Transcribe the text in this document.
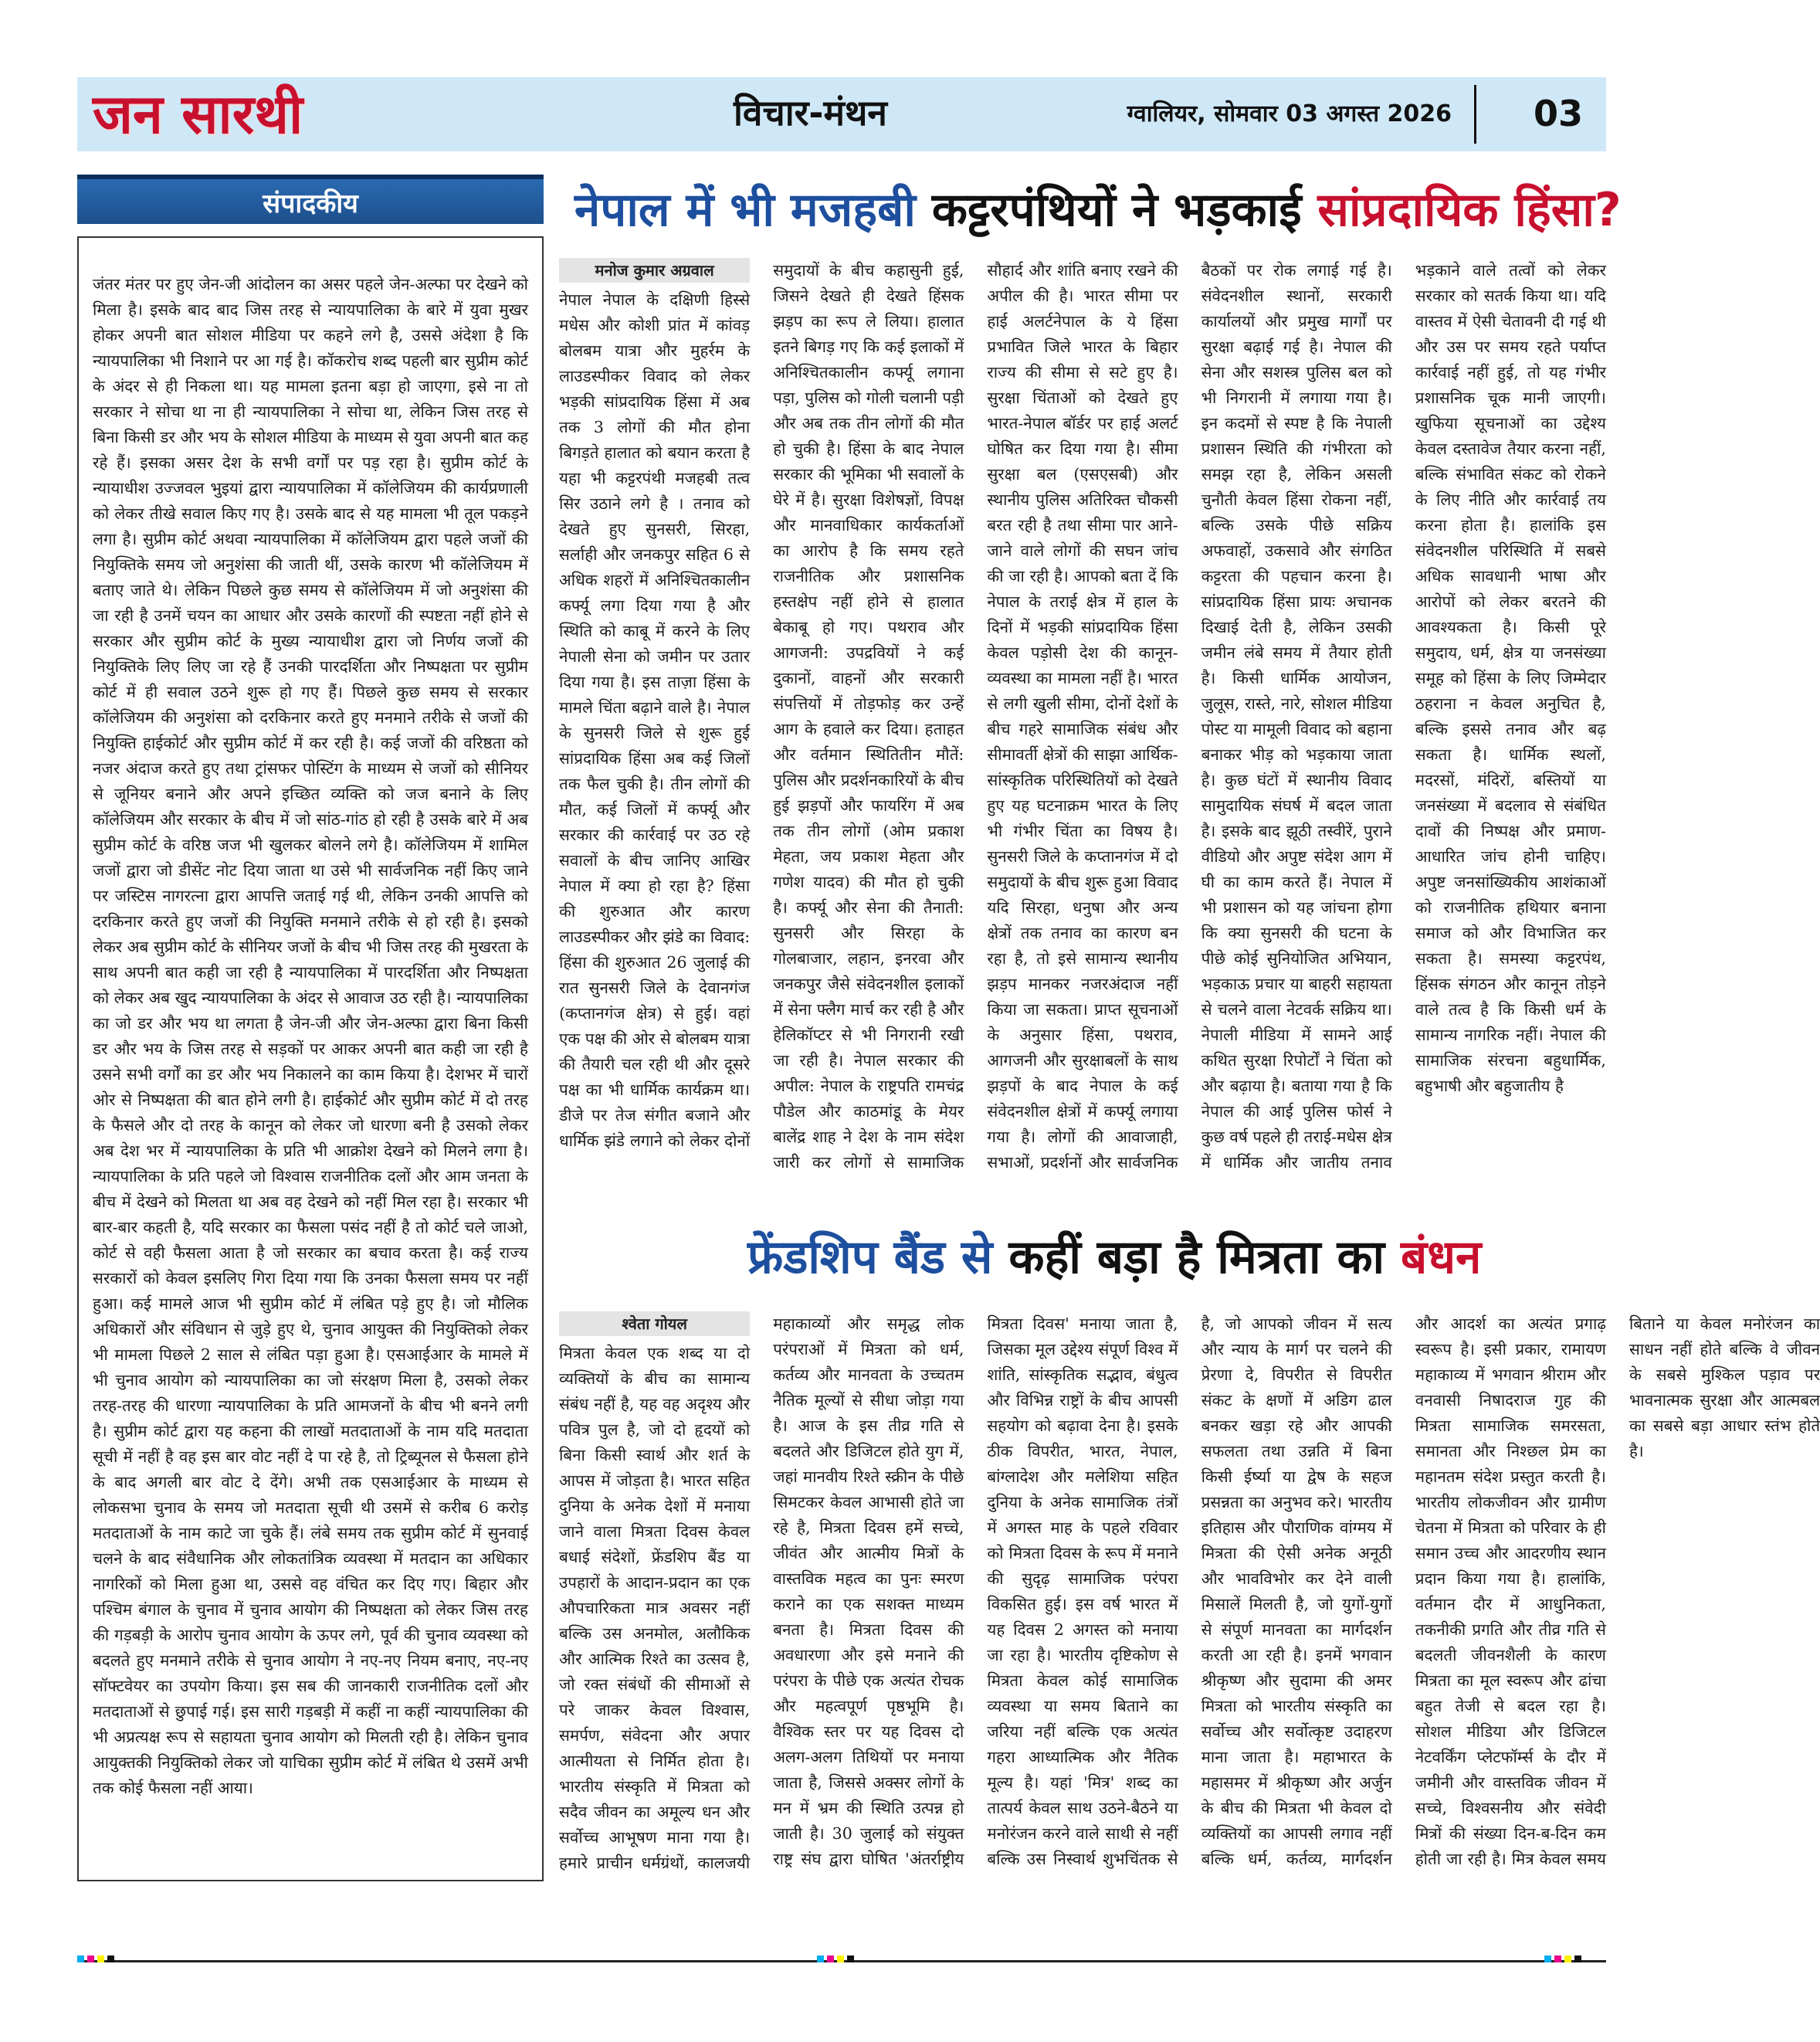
जन सारथी	विचार-मंथन	ग्वालियर, सोमवार 03 अगस्त 2026 03
संपादकीय

जंतर मंतर पर हुए जेन-जी आंदोलन का असर पहले जेन-अल्फा पर देखने को मिला है। इसके बाद बाद जिस तरह से न्यायपालिका के बारे में युवा मुखर होकर अपनी बात सोशल मीडिया पर कहने लगे है, उससे अंदेशा है कि न्यायपालिका भी निशाने पर आ गई है। कॉकरोच शब्द पहली बार सुप्रीम कोर्ट के अंदर से ही निकला था। यह मामला इतना बड़ा हो जाएगा, इसे ना तो सरकार ने सोचा था ना ही न्यायपालिका ने सोचा था, लेकिन जिस तरह से बिना किसी डर और भय के सोशल मीडिया के माध्यम से युवा अपनी बात कह रहे हैं। इसका असर देश के सभी वर्गों पर पड़ रहा है। सुप्रीम कोर्ट के न्यायाधीश उज्जवल भुइयां द्वारा न्यायपालिका में कॉलेजियम की कार्यप्रणाली को लेकर तीखे सवाल किए गए है। उसके बाद से यह मामला भी तूल पकड़ने लगा है। सुप्रीम कोर्ट अथवा न्यायपालिका में कॉलेजियम द्वारा पहले जजों की नियुक्तिके समय जो अनुशंसा की जाती थीं, उसके कारण भी कॉलेजियम में बताए जाते थे। लेकिन पिछले कुछ समय से कॉलेजियम में जो अनुशंसा की जा रही है उनमें चयन का आधार और उसके कारणों की स्पष्टता नहीं होने से सरकार और सुप्रीम कोर्ट के मुख्य न्यायाधीश द्वारा जो निर्णय जजों की नियुक्तिके लिए लिए जा रहे हैं उनकी पारदर्शिता और निष्पक्षता पर सुप्रीम कोर्ट में ही सवाल उठने शुरू हो गए हैं। पिछले कुछ समय से सरकार कॉलेजियम की अनुशंसा को दरकिनार करते हुए मनमाने तरीके से जजों की नियुक्ति हाईकोर्ट और सुप्रीम कोर्ट में कर रही है। कई जजों की वरिष्ठता को नजर अंदाज करते हुए तथा ट्रांसफर पोस्टिंग के माध्यम से जजों को सीनियर से जूनियर बनाने और अपने इच्छित व्यक्ति को जज बनाने के लिए कॉलेजियम और सरकार के बीच में जो सांठ-गांठ हो रही है उसके बारे में अब सुप्रीम कोर्ट के वरिष्ठ जज भी खुलकर बोलने लगे है। कॉलेजियम में शामिल जजों द्वारा जो डीसेंट नोट दिया जाता था उसे भी सार्वजनिक नहीं किए जाने पर जस्टिस नागरत्ना द्वारा आपत्ति जताई गई थी, लेकिन उनकी आपत्ति को दरकिनार करते हुए जजों की नियुक्ति मनमाने तरीके से हो रही है। इसको लेकर अब सुप्रीम कोर्ट के सीनियर जजों के बीच भी जिस तरह की मुखरता के साथ अपनी बात कही जा रही है न्यायपालिका में पारदर्शिता और निष्पक्षता को लेकर अब खुद न्यायपालिका के अंदर से आवाज उठ रही है। न्यायपालिका का जो डर और भय था लगता है जेन-जी और जेन-अल्फा द्वारा बिना किसी डर और भय के जिस तरह से सड़कों पर आकर अपनी बात कही जा रही है उसने सभी वर्गों का डर और भय निकालने का काम किया है। देशभर में चारों ओर से निष्पक्षता की बात होने लगी है। हाईकोर्ट और सुप्रीम कोर्ट में दो तरह के फैसले और दो तरह के कानून को लेकर जो धारणा बनी है उसको लेकर अब देश भर में न्यायपालिका के प्रति भी आक्रोश देखने को मिलने लगा है। न्यायपालिका के प्रति पहले जो विश्वास राजनीतिक दलों और आम जनता के बीच में देखने को मिलता था अब वह देखने को नहीं मिल रहा है। सरकार भी बार-बार कहती है, यदि सरकार का फैसला पसंद नहीं है तो कोर्ट चले जाओ, कोर्ट से वही फैसला आता है जो सरकार का बचाव करता है। कई राज्य सरकारों को केवल इसलिए गिरा दिया गया कि उनका फैसला समय पर नहीं हुआ। कई मामले आज भी सुप्रीम कोर्ट में लंबित पड़े हुए है। जो मौलिक अधिकारों और संविधान से जुड़े हुए थे, चुनाव आयुक्त की नियुक्तिको लेकर भी मामला पिछले 2 साल से लंबित पड़ा हुआ है। एसआईआर के मामले में भी चुनाव आयोग को न्यायपालिका का जो संरक्षण मिला है, उसको लेकर तरह-तरह की धारणा न्यायपालिका के प्रति आमजनों के बीच भी बनने लगी है। सुप्रीम कोर्ट द्वारा यह कहना की लाखों मतदाताओं के नाम यदि मतदाता सूची में नहीं है वह इस बार वोट नहीं दे पा रहे है, तो ट्रिब्यूनल से फैसला होने के बाद अगली बार वोट दे देंगे। अभी तक एसआईआर के माध्यम से लोकसभा चुनाव के समय जो मतदाता सूची थी उसमें से करीब 6 करोड़ मतदाताओं के नाम काटे जा चुके हैं। लंबे समय तक सुप्रीम कोर्ट में सुनवाई चलने के बाद संवैधानिक और लोकतांत्रिक व्यवस्था में मतदान का अधिकार नागरिकों को मिला हुआ था, उससे वह वंचित कर दिए गए। बिहार और पश्चिम बंगाल के चुनाव में चुनाव आयोग की निष्पक्षता को लेकर जिस तरह की गड़बड़ी के आरोप चुनाव आयोग के ऊपर लगे, पूर्व की चुनाव व्यवस्था को बदलते हुए मनमाने तरीके से चुनाव आयोग ने नए-नए नियम बनाए, नए-नए सॉफ्टवेयर का उपयोग किया। इस सब की जानकारी राजनीतिक दलों और मतदाताओं से छुपाई गई। इस सारी गड़बड़ी में कहीं ना कहीं न्यायपालिका की भी अप्रत्यक्ष रूप से सहायता चुनाव आयोग को मिलती रही है। लेकिन चुनाव आयुक्तकी नियुक्तिको लेकर जो याचिका सुप्रीम कोर्ट में लंबित थे उसमें अभी तक कोई फैसला नहीं आया।

नेपाल में भी मजहबी कट्टरपंथियों ने भड़काई सांप्रदायिक हिंसा?
मनोज कुमार अग्रवाल

नेपाल नेपाल के दक्षिणी हिस्से मधेस और कोशी प्रांत में कांवड़ बोलबम यात्रा और मुहर्रम के लाउडस्पीकर विवाद को लेकर भड़की सांप्रदायिक हिंसा में अब तक 3 लोगों की मौत होना बिगड़ते हालात को बयान करता है यहा भी कट्टरपंथी मजहबी तत्व सिर उठाने लगे है । तनाव को देखते हुए सुनसरी, सिरहा, सर्लाही और जनकपुर सहित 6 से अधिक शहरों में अनिश्चितकालीन कर्फ्यू लगा दिया गया है और स्थिति को काबू में करने के लिए नेपाली सेना को जमीन पर उतार दिया गया है। इस ताज़ा हिंसा के मामले चिंता बढ़ाने वाले है। नेपाल के सुनसरी जिले से शुरू हुई सांप्रदायिक हिंसा अब कई जिलों तक फैल चुकी है। तीन लोगों की मौत, कई जिलों में कर्फ्यू और सरकार की कार्रवाई पर उठ रहे सवालों के बीच जानिए आखिर नेपाल में क्या हो रहा है? हिंसा की शुरुआत और कारण लाउडस्पीकर और झंडे का विवाद: हिंसा की शुरुआत 26 जुलाई की रात सुनसरी जिले के देवानगंज (कप्तानगंज क्षेत्र) से हुई। वहां एक पक्ष की ओर से बोलबम यात्रा की तैयारी चल रही थी और दूसरे पक्ष का भी धार्मिक कार्यक्रम था। डीजे पर तेज संगीत बजाने और धार्मिक झंडे लगाने को लेकर दोनों समुदायों के बीच कहासुनी हुई, जिसने देखते ही देखते हिंसक झड़प का रूप ले लिया। हालात इतने बिगड़ गए कि कई इलाकों में अनिश्चितकालीन कर्फ्यू लगाना पड़ा, पुलिस को गोली चलानी पड़ी और अब तक तीन लोगों की मौत हो चुकी है। हिंसा के बाद नेपाल सरकार की भूमिका भी सवालों के घेरे में है। सुरक्षा विशेषज्ञों, विपक्ष और मानवाधिकार कार्यकर्ताओं का आरोप है कि समय रहते राजनीतिक और प्रशासनिक हस्तक्षेप नहीं होने से हालात बेकाबू हो गए। पथराव और आगजनी: उपद्रवियों ने कई दुकानों, वाहनों और सरकारी संपत्तियों में तोड़फोड़ कर उन्हें आग के हवाले कर दिया। हताहत और वर्तमान स्थितितीन मौतें: पुलिस और प्रदर्शनकारियों के बीच हुई झड़पों और फायरिंग में अब तक तीन लोगों (ओम प्रकाश मेहता, जय प्रकाश मेहता और गणेश यादव) की मौत हो चुकी है। कर्फ्यू और सेना की तैनाती: सुनसरी और सिरहा के गोलबाजार, लहान, इनरवा और जनकपुर जैसे संवेदनशील इलाकों में सेना फ्लैग मार्च कर रही है और हेलिकॉप्टर से भी निगरानी रखी जा रही है। नेपाल सरकार की अपील: नेपाल के राष्ट्रपति रामचंद्र पौडेल और काठमांडू के मेयर बालेंद्र शाह ने देश के नाम संदेश जारी कर लोगों से सामाजिक सौहार्द और शांति बनाए रखने की अपील की है। भारत सीमा पर हाई अलर्टनेपाल के ये हिंसा प्रभावित जिले भारत के बिहार राज्य की सीमा से सटे हुए है। सुरक्षा चिंताओं को देखते हुए भारत-नेपाल बॉर्डर पर हाई अलर्ट घोषित कर दिया गया है। सीमा सुरक्षा बल (एसएसबी) और स्थानीय पुलिस अतिरिक्त चौकसी बरत रही है तथा सीमा पार आने-जाने वाले लोगों की सघन जांच की जा रही है। आपको बता दें कि नेपाल के तराई क्षेत्र में हाल के दिनों में भड़की सांप्रदायिक हिंसा केवल पड़ोसी देश की कानून-व्यवस्था का मामला नहीं है। भारत से लगी खुली सीमा, दोनों देशों के बीच गहरे सामाजिक संबंध और सीमावर्ती क्षेत्रों की साझा आर्थिक-सांस्कृतिक परिस्थितियों को देखते हुए यह घटनाक्रम भारत के लिए भी गंभीर चिंता का विषय है। सुनसरी जिले के कप्तानगंज में दो समुदायों के बीच शुरू हुआ विवाद यदि सिरहा, धनुषा और अन्य क्षेत्रों तक तनाव का कारण बन रहा है, तो इसे सामान्य स्थानीय झड़प मानकर नजरअंदाज नहीं किया जा सकता। प्राप्त सूचनाओं के अनुसार हिंसा, पथराव, आगजनी और सुरक्षाबलों के साथ झड़पों के बाद नेपाल के कई संवेदनशील क्षेत्रों में कर्फ्यू लगाया गया है। लोगों की आवाजाही, सभाओं, प्रदर्शनों और सार्वजनिक बैठकों पर रोक लगाई गई है। संवेदनशील स्थानों, सरकारी कार्यालयों और प्रमुख मार्गों पर सुरक्षा बढ़ाई गई है। नेपाल की सेना और सशस्त्र पुलिस बल को भी निगरानी में लगाया गया है। इन कदमों से स्पष्ट है कि नेपाली प्रशासन स्थिति की गंभीरता को समझ रहा है, लेकिन असली चुनौती केवल हिंसा रोकना नहीं, बल्कि उसके पीछे सक्रिय अफवाहों, उकसावे और संगठित कट्टरता की पहचान करना है। सांप्रदायिक हिंसा प्रायः अचानक दिखाई देती है, लेकिन उसकी जमीन लंबे समय में तैयार होती है। किसी धार्मिक आयोजन, जुलूस, रास्ते, नारे, सोशल मीडिया पोस्ट या मामूली विवाद को बहाना बनाकर भीड़ को भड़काया जाता है। कुछ घंटों में स्थानीय विवाद सामुदायिक संघर्ष में बदल जाता है। इसके बाद झूठी तस्वीरें, पुराने वीडियो और अपुष्ट संदेश आग में घी का काम करते हैं। नेपाल में भी प्रशासन को यह जांचना होगा कि क्या सुनसरी की घटना के पीछे कोई सुनियोजित अभियान, भड़काऊ प्रचार या बाहरी सहायता से चलने वाला नेटवर्क सक्रिय था। नेपाली मीडिया में सामने आई कथित सुरक्षा रिपोर्टों ने चिंता को और बढ़ाया है। बताया गया है कि नेपाल की आई पुलिस फोर्स ने कुछ वर्ष पहले ही तराई-मधेस क्षेत्र में धार्मिक और जातीय तनाव भड़काने वाले तत्वों को लेकर सरकार को सतर्क किया था। यदि वास्तव में ऐसी चेतावनी दी गई थी और उस पर समय रहते पर्याप्त कार्रवाई नहीं हुई, तो यह गंभीर प्रशासनिक चूक मानी जाएगी। खुफिया सूचनाओं का उद्देश्य केवल दस्तावेज तैयार करना नहीं, बल्कि संभावित संकट को रोकने के लिए नीति और कार्रवाई तय करना होता है। हालांकि इस संवेदनशील परिस्थिति में सबसे अधिक सावधानी भाषा और आरोपों को लेकर बरतने की आवश्यकता है। किसी पूरे समुदाय, धर्म, क्षेत्र या जनसंख्या समूह को हिंसा के लिए जिम्मेदार ठहराना न केवल अनुचित है, बल्कि इससे तनाव और बढ़ सकता है। धार्मिक स्थलों, मदरसों, मंदिरों, बस्तियों या जनसंख्या में बदलाव से संबंधित दावों की निष्पक्ष और प्रमाण-आधारित जांच होनी चाहिए। अपुष्ट जनसांख्यिकीय आशंकाओं को राजनीतिक हथियार बनाना समाज को और विभाजित कर सकता है। समस्या कट्टरपंथ, हिंसक संगठन और कानून तोड़ने वाले तत्व है कि किसी धर्म के सामान्य नागरिक नहीं। नेपाल की सामाजिक संरचना बहुधार्मिक, बहुभाषी और बहुजातीय है

फ्रेंडशिप बैंड से कहीं बड़ा है मित्रता का बंधन
श्वेता गोयल

मित्रता केवल एक शब्द या दो व्यक्तियों के बीच का सामान्य संबंध नहीं है, यह वह अदृश्य और पवित्र पुल है, जो दो हृदयों को बिना किसी स्वार्थ और शर्त के आपस में जोड़ता है। भारत सहित दुनिया के अनेक देशों में मनाया जाने वाला मित्रता दिवस केवल बधाई संदेशों, फ्रेंडशिप बैंड या उपहारों के आदान-प्रदान का एक औपचारिकता मात्र अवसर नहीं बल्कि उस अनमोल, अलौकिक और आत्मिक रिश्ते का उत्सव है, जो रक्त संबंधों की सीमाओं से परे जाकर केवल विश्वास, समर्पण, संवेदना और अपार आत्मीयता से निर्मित होता है। भारतीय संस्कृति में मित्रता को सदैव जीवन का अमूल्य धन और सर्वोच्च आभूषण माना गया है। हमारे प्राचीन धर्मग्रंथों, कालजयी महाकाव्यों और समृद्ध लोक परंपराओं में मित्रता को धर्म, कर्तव्य और मानवता के उच्चतम नैतिक मूल्यों से सीधा जोड़ा गया है। आज के इस तीव्र गति से बदलते और डिजिटल होते युग में, जहां मानवीय रिश्ते स्क्रीन के पीछे सिमटकर केवल आभासी होते जा रहे है, मित्रता दिवस हमें सच्चे, जीवंत और आत्मीय मित्रों के वास्तविक महत्व का पुनः स्मरण कराने का एक सशक्त माध्यम बनता है। मित्रता दिवस की अवधारणा और इसे मनाने की परंपरा के पीछे एक अत्यंत रोचक और महत्वपूर्ण पृष्ठभूमि है। वैश्विक स्तर पर यह दिवस दो अलग-अलग तिथियों पर मनाया जाता है, जिससे अक्सर लोगों के मन में भ्रम की स्थिति उत्पन्न हो जाती है। 30 जुलाई को संयुक्त राष्ट्र संघ द्वारा घोषित 'अंतर्राष्ट्रीय मित्रता दिवस' मनाया जाता है, जिसका मूल उद्देश्य संपूर्ण विश्व में शांति, सांस्कृतिक सद्भाव, बंधुत्व और विभिन्न राष्ट्रों के बीच आपसी सहयोग को बढ़ावा देना है। इसके ठीक विपरीत, भारत, नेपाल, बांग्लादेश और मलेशिया सहित दुनिया के अनेक सामाजिक तंत्रों में अगस्त माह के पहले रविवार को मित्रता दिवस के रूप में मनाने की सुदृढ़ सामाजिक परंपरा विकसित हुई। इस वर्ष भारत में यह दिवस 2 अगस्त को मनाया जा रहा है। भारतीय दृष्टिकोण से मित्रता केवल कोई सामाजिक व्यवस्था या समय बिताने का जरिया नहीं बल्कि एक अत्यंत गहरा आध्यात्मिक और नैतिक मूल्य है। यहां 'मित्र' शब्द का तात्पर्य केवल साथ उठने-बैठने या मनोरंजन करने वाले साथी से नहीं बल्कि उस निस्वार्थ शुभचिंतक से है, जो आपको जीवन में सत्य और न्याय के मार्ग पर चलने की प्रेरणा दे, विपरीत से विपरीत संकट के क्षणों में अडिग ढाल बनकर खड़ा रहे और आपकी सफलता तथा उन्नति में बिना किसी ईर्ष्या या द्वेष के सहज प्रसन्नता का अनुभव करे। भारतीय इतिहास और पौराणिक वांग्मय में मित्रता की ऐसी अनेक अनूठी और भावविभोर कर देने वाली मिसालें मिलती है, जो युगों-युगों से संपूर्ण मानवता का मार्गदर्शन करती आ रही है। इनमें भगवान श्रीकृष्ण और सुदामा की अमर मित्रता को भारतीय संस्कृति का सर्वोच्च और सर्वोत्कृष्ट उदाहरण माना जाता है। महाभारत के महासमर में श्रीकृष्ण और अर्जुन के बीच की मित्रता भी केवल दो व्यक्तियों का आपसी लगाव नहीं बल्कि धर्म, कर्तव्य, मार्गदर्शन और आदर्श का अत्यंत प्रगाढ़ स्वरूप है। इसी प्रकार, रामायण महाकाव्य में भगवान श्रीराम और वनवासी निषादराज गुह की मित्रता सामाजिक समरसता, समानता और निश्छल प्रेम का महानतम संदेश प्रस्तुत करती है। भारतीय लोकजीवन और ग्रामीण चेतना में मित्रता को परिवार के ही समान उच्च और आदरणीय स्थान प्रदान किया गया है। हालांकि, वर्तमान दौर में आधुनिकता, तकनीकी प्रगति और तीव्र गति से बदलती जीवनशैली के कारण मित्रता का मूल स्वरूप और ढांचा बहुत तेजी से बदल रहा है। सोशल मीडिया और डिजिटल नेटवर्किंग प्लेटफॉर्म्स के दौर में जमीनी और वास्तविक जीवन में सच्चे, विश्वसनीय और संवेदी मित्रों की संख्या दिन-ब-दिन कम होती जा रही है। मित्र केवल समय बिताने या केवल मनोरंजन का साधन नहीं होते बल्कि वे जीवन के सबसे मुश्किल पड़ाव पर भावनात्मक सुरक्षा और आत्मबल का सबसे बड़ा आधार स्तंभ होते है।
